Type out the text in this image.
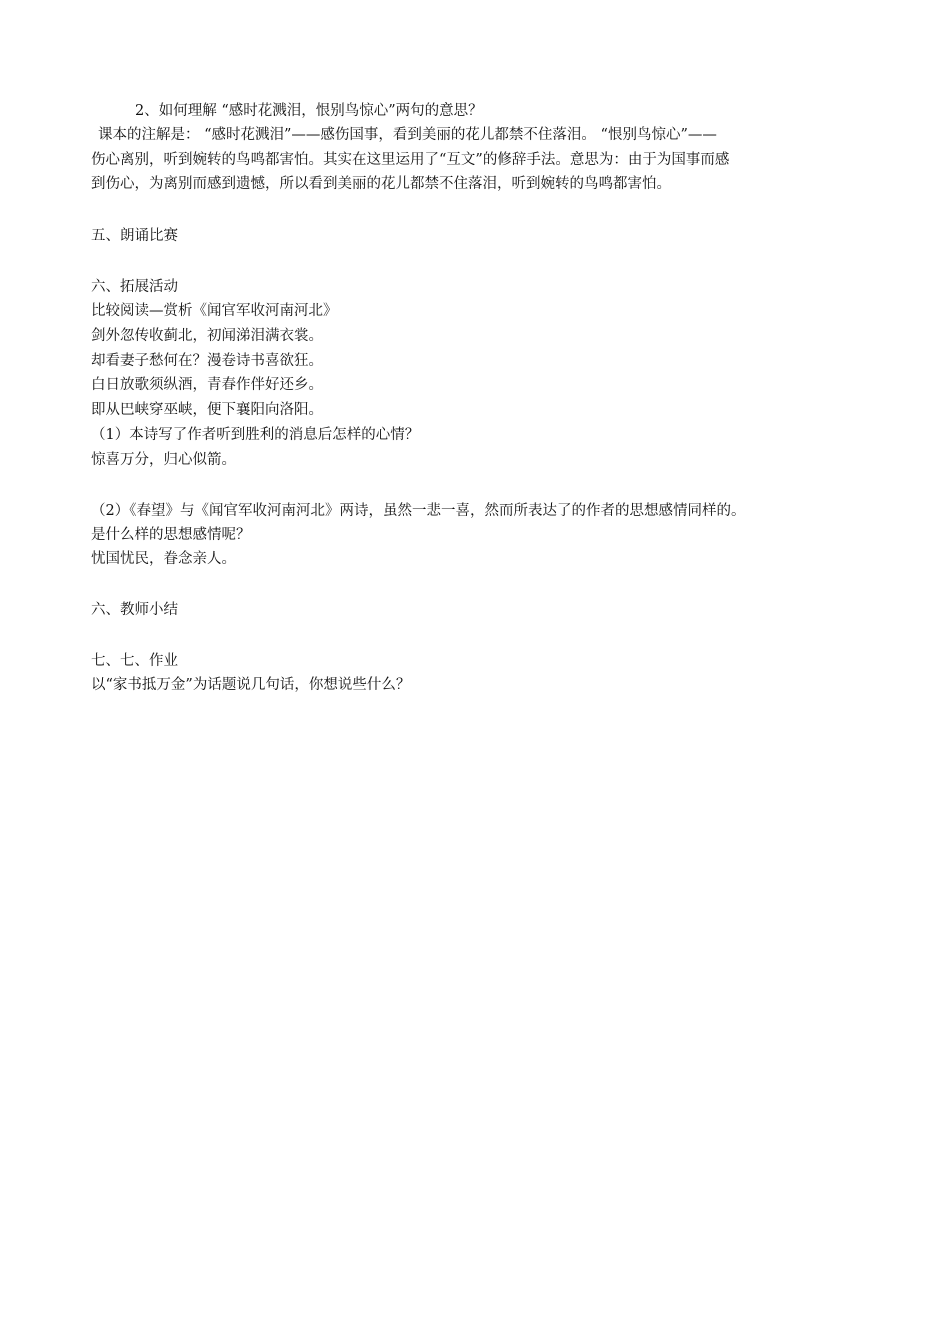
2、如何理解 “感时花溅泪，恨别鸟惊心”两句的意思？
课本的注解是： “感时花溅泪”——感伤国事，看到美丽的花儿都禁不住落泪。 “恨别鸟惊心”——
伤心离别，听到婉转的鸟鸣都害怕。其实在这里运用了“互文”的修辞手法。意思为：由于为国事而感
到伤心，为离别而感到遗憾，所以看到美丽的花儿都禁不住落泪，听到婉转的鸟鸣都害怕。
五、朗诵比赛
六、拓展活动
比较阅读—赏析《闻官军收河南河北》
剑外忽传收蓟北，初闻涕泪满衣裳。
却看妻子愁何在？漫卷诗书喜欲狂。
白日放歌须纵酒，青春作伴好还乡。
即从巴峡穿巫峡，便下襄阳向洛阳。
（1）本诗写了作者听到胜利的消息后怎样的心情？
惊喜万分，归心似箭。
（2）《春望》与《闻官军收河南河北》两诗，虽然一悲一喜，然而所表达了的作者的思想感情同样的。
是什么样的思想感情呢？
忧国忧民，眷念亲人。
六、教师小结
七、七、作业
以“家书抵万金”为话题说几句话，你想说些什么？
